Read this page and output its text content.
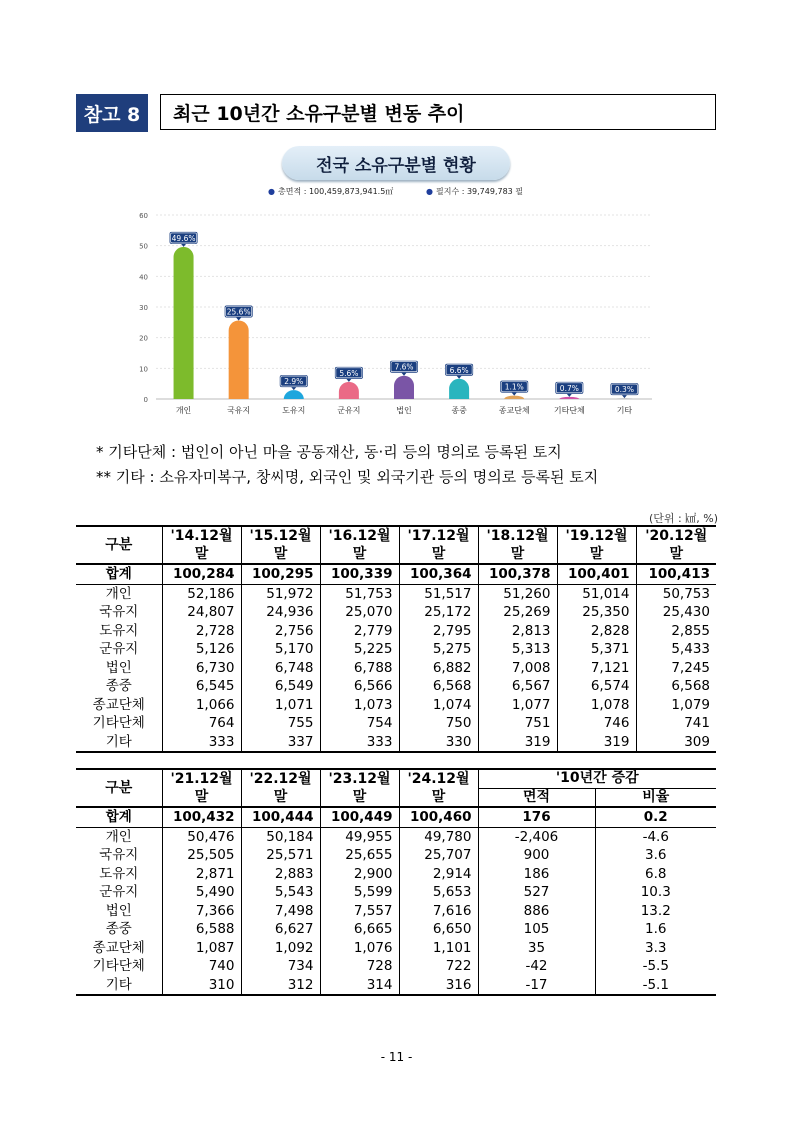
참고 8	최근 10년간 소유구분별 변동 추이
전국 소유구분별 현황
● 총면적 : 100,459,873,941.5㎡	● 필지수 : 39,749,783 필
0
10
20
30
40
50
60
49.6%
개인
25.6%
국유지
2.9%
도유지
5.6%
군유지
7.6%
법인
6.6%
종중
1.1%
종교단체
0.7%
기타단체
0.3%
기타
* 기타단체 : 법인이 아닌 마을 공동재산, 동·리 등의 명의로 등록된 토지
** 기타 : 소유자미복구, 창씨명, 외국인 및 외국기관 등의 명의로 등록된 토지
(단위 : ㎢, %)
구분	'14.12월말	'15.12월말	'16.12월말	'17.12월말	'18.12월말	'19.12월말	'20.12월말
합계	100,284	100,295	100,339	100,364	100,378	100,401	100,413
개인	52,186	51,972	51,753	51,517	51,260	51,014	50,753
국유지	24,807	24,936	25,070	25,172	25,269	25,350	25,430
도유지	2,728	2,756	2,779	2,795	2,813	2,828	2,855
군유지	5,126	5,170	5,225	5,275	5,313	5,371	5,433
법인	6,730	6,748	6,788	6,882	7,008	7,121	7,245
종중	6,545	6,549	6,566	6,568	6,567	6,574	6,568
종교단체	1,066	1,071	1,073	1,074	1,077	1,078	1,079
기타단체	764	755	754	750	751	746	741
기타	333	337	333	330	319	319	309
구분	'21.12월말	'22.12월말	'23.12월말	'24.12월말	'10년간 증감	
					면적	비율
합계	100,432	100,444	100,449	100,460	176	0.2
개인	50,476	50,184	49,955	49,780	-2,406	-4.6
국유지	25,505	25,571	25,655	25,707	900	3.6
도유지	2,871	2,883	2,900	2,914	186	6.8
군유지	5,490	5,543	5,599	5,653	527	10.3
법인	7,366	7,498	7,557	7,616	886	13.2
종중	6,588	6,627	6,665	6,650	105	1.6
종교단체	1,087	1,092	1,076	1,101	35	3.3
기타단체	740	734	728	722	-42	-5.5
기타	310	312	314	316	-17	-5.1
- 11 -
